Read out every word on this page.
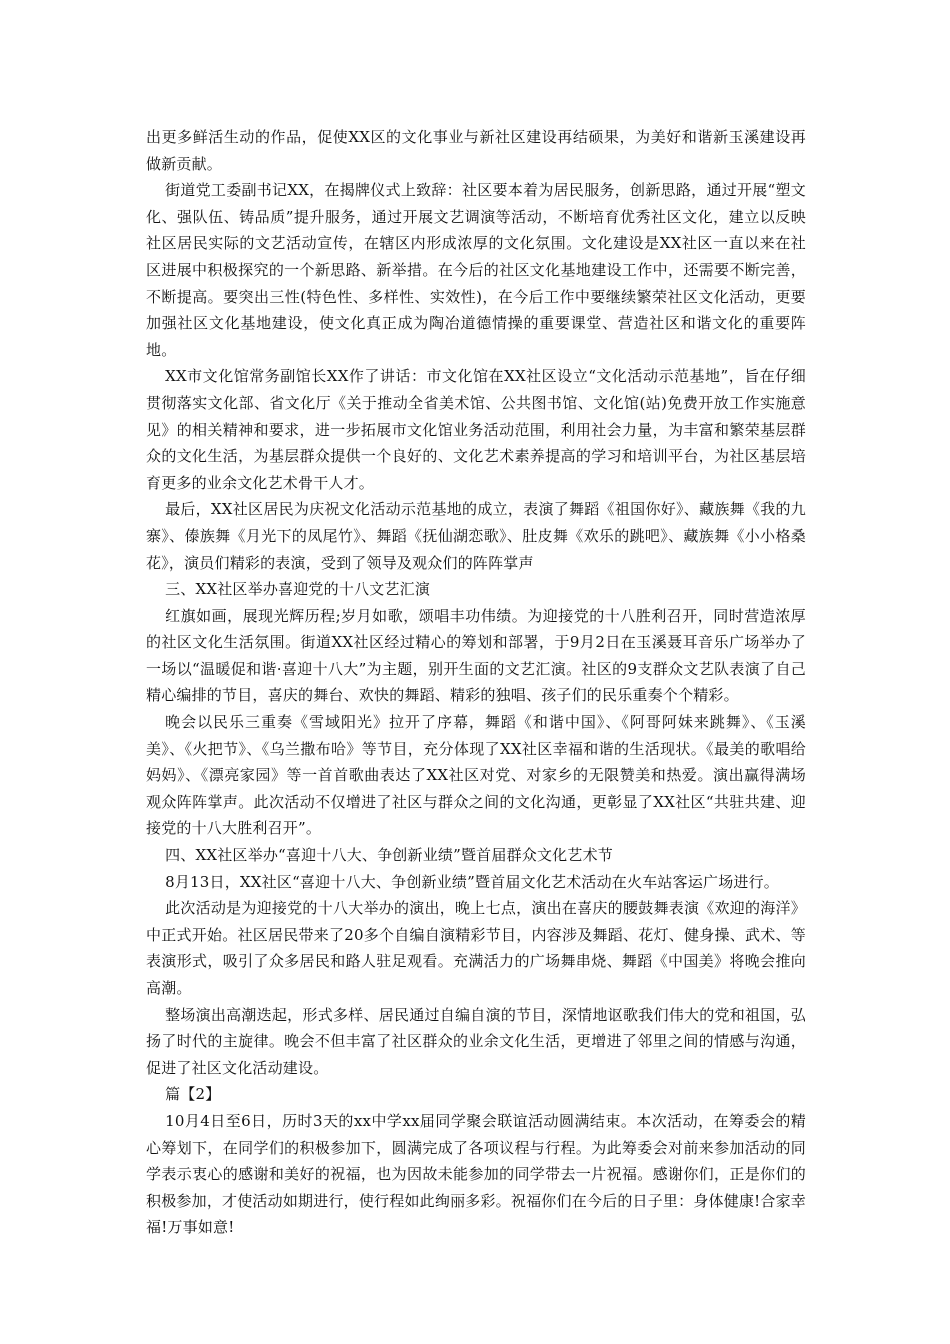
出更多鲜活生动的作品，促使XX区的文化事业与新社区建设再结硕果，为美好和谐新玉溪建设再做新贡献。

街道党工委副书记XX，在揭牌仪式上致辞：社区要本着为居民服务，创新思路，通过开展“塑文化、强队伍、铸品质”提升服务，通过开展文艺调演等活动，不断培育优秀社区文化，建立以反映社区居民实际的文艺活动宣传，在辖区内形成浓厚的文化氛围。文化建设是XX社区一直以来在社区进展中积极探究的一个新思路、新举措。在今后的社区文化基地建设工作中，还需要不断完善，不断提高。要突出三性(特色性、多样性、实效性)，在今后工作中要继续繁荣社区文化活动，更要加强社区文化基地建设，使文化真正成为陶冶道德情操的重要课堂、营造社区和谐文化的重要阵地。

XX市文化馆常务副馆长XX作了讲话：市文化馆在XX社区设立“文化活动示范基地”，旨在仔细贯彻落实文化部、省文化厅《关于推动全省美术馆、公共图书馆、文化馆(站)免费开放工作实施意见》的相关精神和要求，进一步拓展市文化馆业务活动范围，利用社会力量，为丰富和繁荣基层群众的文化生活，为基层群众提供一个良好的、文化艺术素养提高的学习和培训平台，为社区基层培育更多的业余文化艺术骨干人才。

最后，XX社区居民为庆祝文化活动示范基地的成立，表演了舞蹈《祖国你好》、藏族舞《我的九寨》、傣族舞《月光下的凤尾竹》、舞蹈《抚仙湖恋歌》、肚皮舞《欢乐的跳吧》、藏族舞《小小格桑花》，演员们精彩的表演，受到了领导及观众们的阵阵掌声

三、XX社区举办喜迎党的十八文艺汇演

红旗如画，展现光辉历程;岁月如歌，颂唱丰功伟绩。为迎接党的十八胜利召开，同时营造浓厚的社区文化生活氛围。街道XX社区经过精心的筹划和部署，于9月2日在玉溪聂耳音乐广场举办了一场以“温暖促和谐·喜迎十八大”为主题，别开生面的文艺汇演。社区的9支群众文艺队表演了自己精心编排的节目，喜庆的舞台、欢快的舞蹈、精彩的独唱、孩子们的民乐重奏个个精彩。

晚会以民乐三重奏《雪域阳光》拉开了序幕，舞蹈《和谐中国》、《阿哥阿妹来跳舞》、《玉溪美》、《火把节》、《乌兰撒布哈》等节目，充分体现了XX社区幸福和谐的生活现状。《最美的歌唱给妈妈》、《漂亮家园》等一首首歌曲表达了XX社区对党、对家乡的无限赞美和热爱。演出赢得满场观众阵阵掌声。此次活动不仅增进了社区与群众之间的文化沟通，更彰显了XX社区“共驻共建、迎接党的十八大胜利召开”。

四、XX社区举办“喜迎十八大、争创新业绩”暨首届群众文化艺术节

8月13日，XX社区“喜迎十八大、争创新业绩”暨首届文化艺术活动在火车站客运广场进行。

此次活动是为迎接党的十八大举办的演出，晚上七点，演出在喜庆的腰鼓舞表演《欢迎的海洋》中正式开始。社区居民带来了20多个自编自演精彩节目，内容涉及舞蹈、花灯、健身操、武术、等表演形式，吸引了众多居民和路人驻足观看。充满活力的广场舞串烧、舞蹈《中国美》将晚会推向高潮。

整场演出高潮迭起，形式多样、居民通过自编自演的节目，深情地讴歌我们伟大的党和祖国，弘扬了时代的主旋律。晚会不但丰富了社区群众的业余文化生活，更增进了邻里之间的情感与沟通，促进了社区文化活动建设。

篇【2】

10月4日至6日，历时3天的xx中学xx届同学聚会联谊活动圆满结束。本次活动，在筹委会的精心筹划下，在同学们的积极参加下，圆满完成了各项议程与行程。为此筹委会对前来参加活动的同学表示衷心的感谢和美好的祝福，也为因故未能参加的同学带去一片祝福。感谢你们，正是你们的积极参加，才使活动如期进行，使行程如此绚丽多彩。祝福你们在今后的日子里：身体健康!合家幸福!万事如意!
